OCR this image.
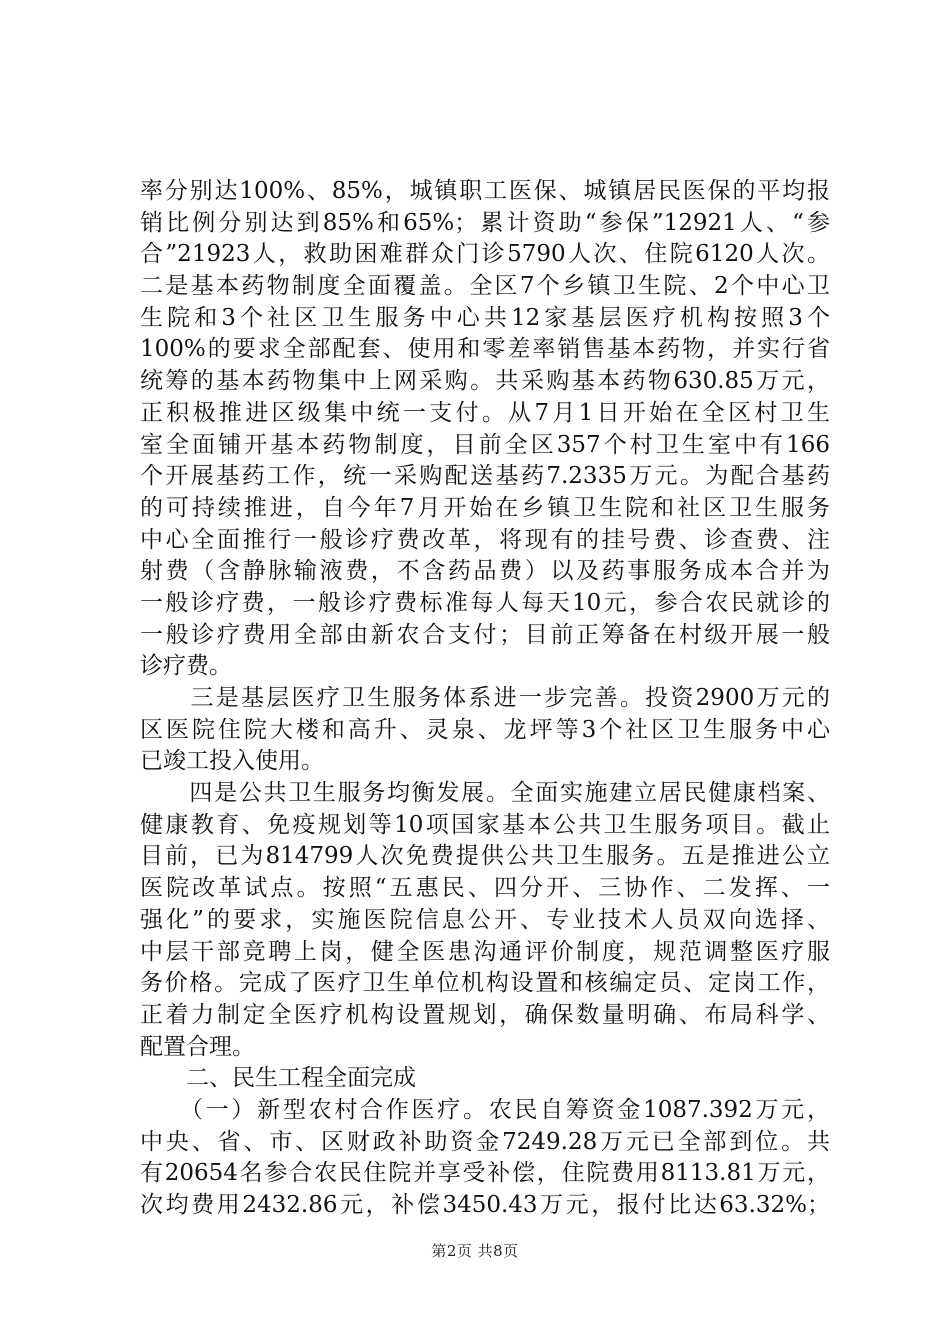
率分别达100%、85%，城镇职工医保、城镇居民医保的平均报
销比例分别达到85%和65%；累计资助“参保”12921人、“参
合”21923人，救助困难群众门诊5790人次、住院6120人次。
二是基本药物制度全面覆盖。全区7个乡镇卫生院、2个中心卫
生院和3个社区卫生服务中心共12家基层医疗机构按照3个
100%的要求全部配套、使用和零差率销售基本药物，并实行省
统筹的基本药物集中上网采购。共采购基本药物630.85万元，
正积极推进区级集中统一支付。从7月1日开始在全区村卫生
室全面铺开基本药物制度，目前全区357个村卫生室中有166
个开展基药工作，统一采购配送基药7.2335万元。为配合基药
的可持续推进，自今年7月开始在乡镇卫生院和社区卫生服务
中心全面推行一般诊疗费改革，将现有的挂号费、诊查费、注
射费（含静脉输液费，不含药品费）以及药事服务成本合并为
一般诊疗费，一般诊疗费标准每人每天10元，参合农民就诊的
一般诊疗费用全部由新农合支付；目前正筹备在村级开展一般
诊疗费。
　　三是基层医疗卫生服务体系进一步完善。投资2900万元的
区医院住院大楼和高升、灵泉、龙坪等3个社区卫生服务中心
已竣工投入使用。
　　四是公共卫生服务均衡发展。全面实施建立居民健康档案、
健康教育、免疫规划等10项国家基本公共卫生服务项目。截止
目前，已为814799人次免费提供公共卫生服务。五是推进公立
医院改革试点。按照“五惠民、四分开、三协作、二发挥、一
强化”的要求，实施医院信息公开、专业技术人员双向选择、
中层干部竞聘上岗，健全医患沟通评价制度，规范调整医疗服
务价格。完成了医疗卫生单位机构设置和核编定员、定岗工作，
正着力制定全医疗机构设置规划，确保数量明确、布局科学、
配置合理。
　　二、民生工程全面完成
　　（一）新型农村合作医疗。农民自筹资金1087.392万元，
中央、省、市、区财政补助资金7249.28万元已全部到位。共
有20654名参合农民住院并享受补偿，住院费用8113.81万元，
次均费用2432.86元，补偿3450.43万元，报付比达63.32%；
第2页 共8页
